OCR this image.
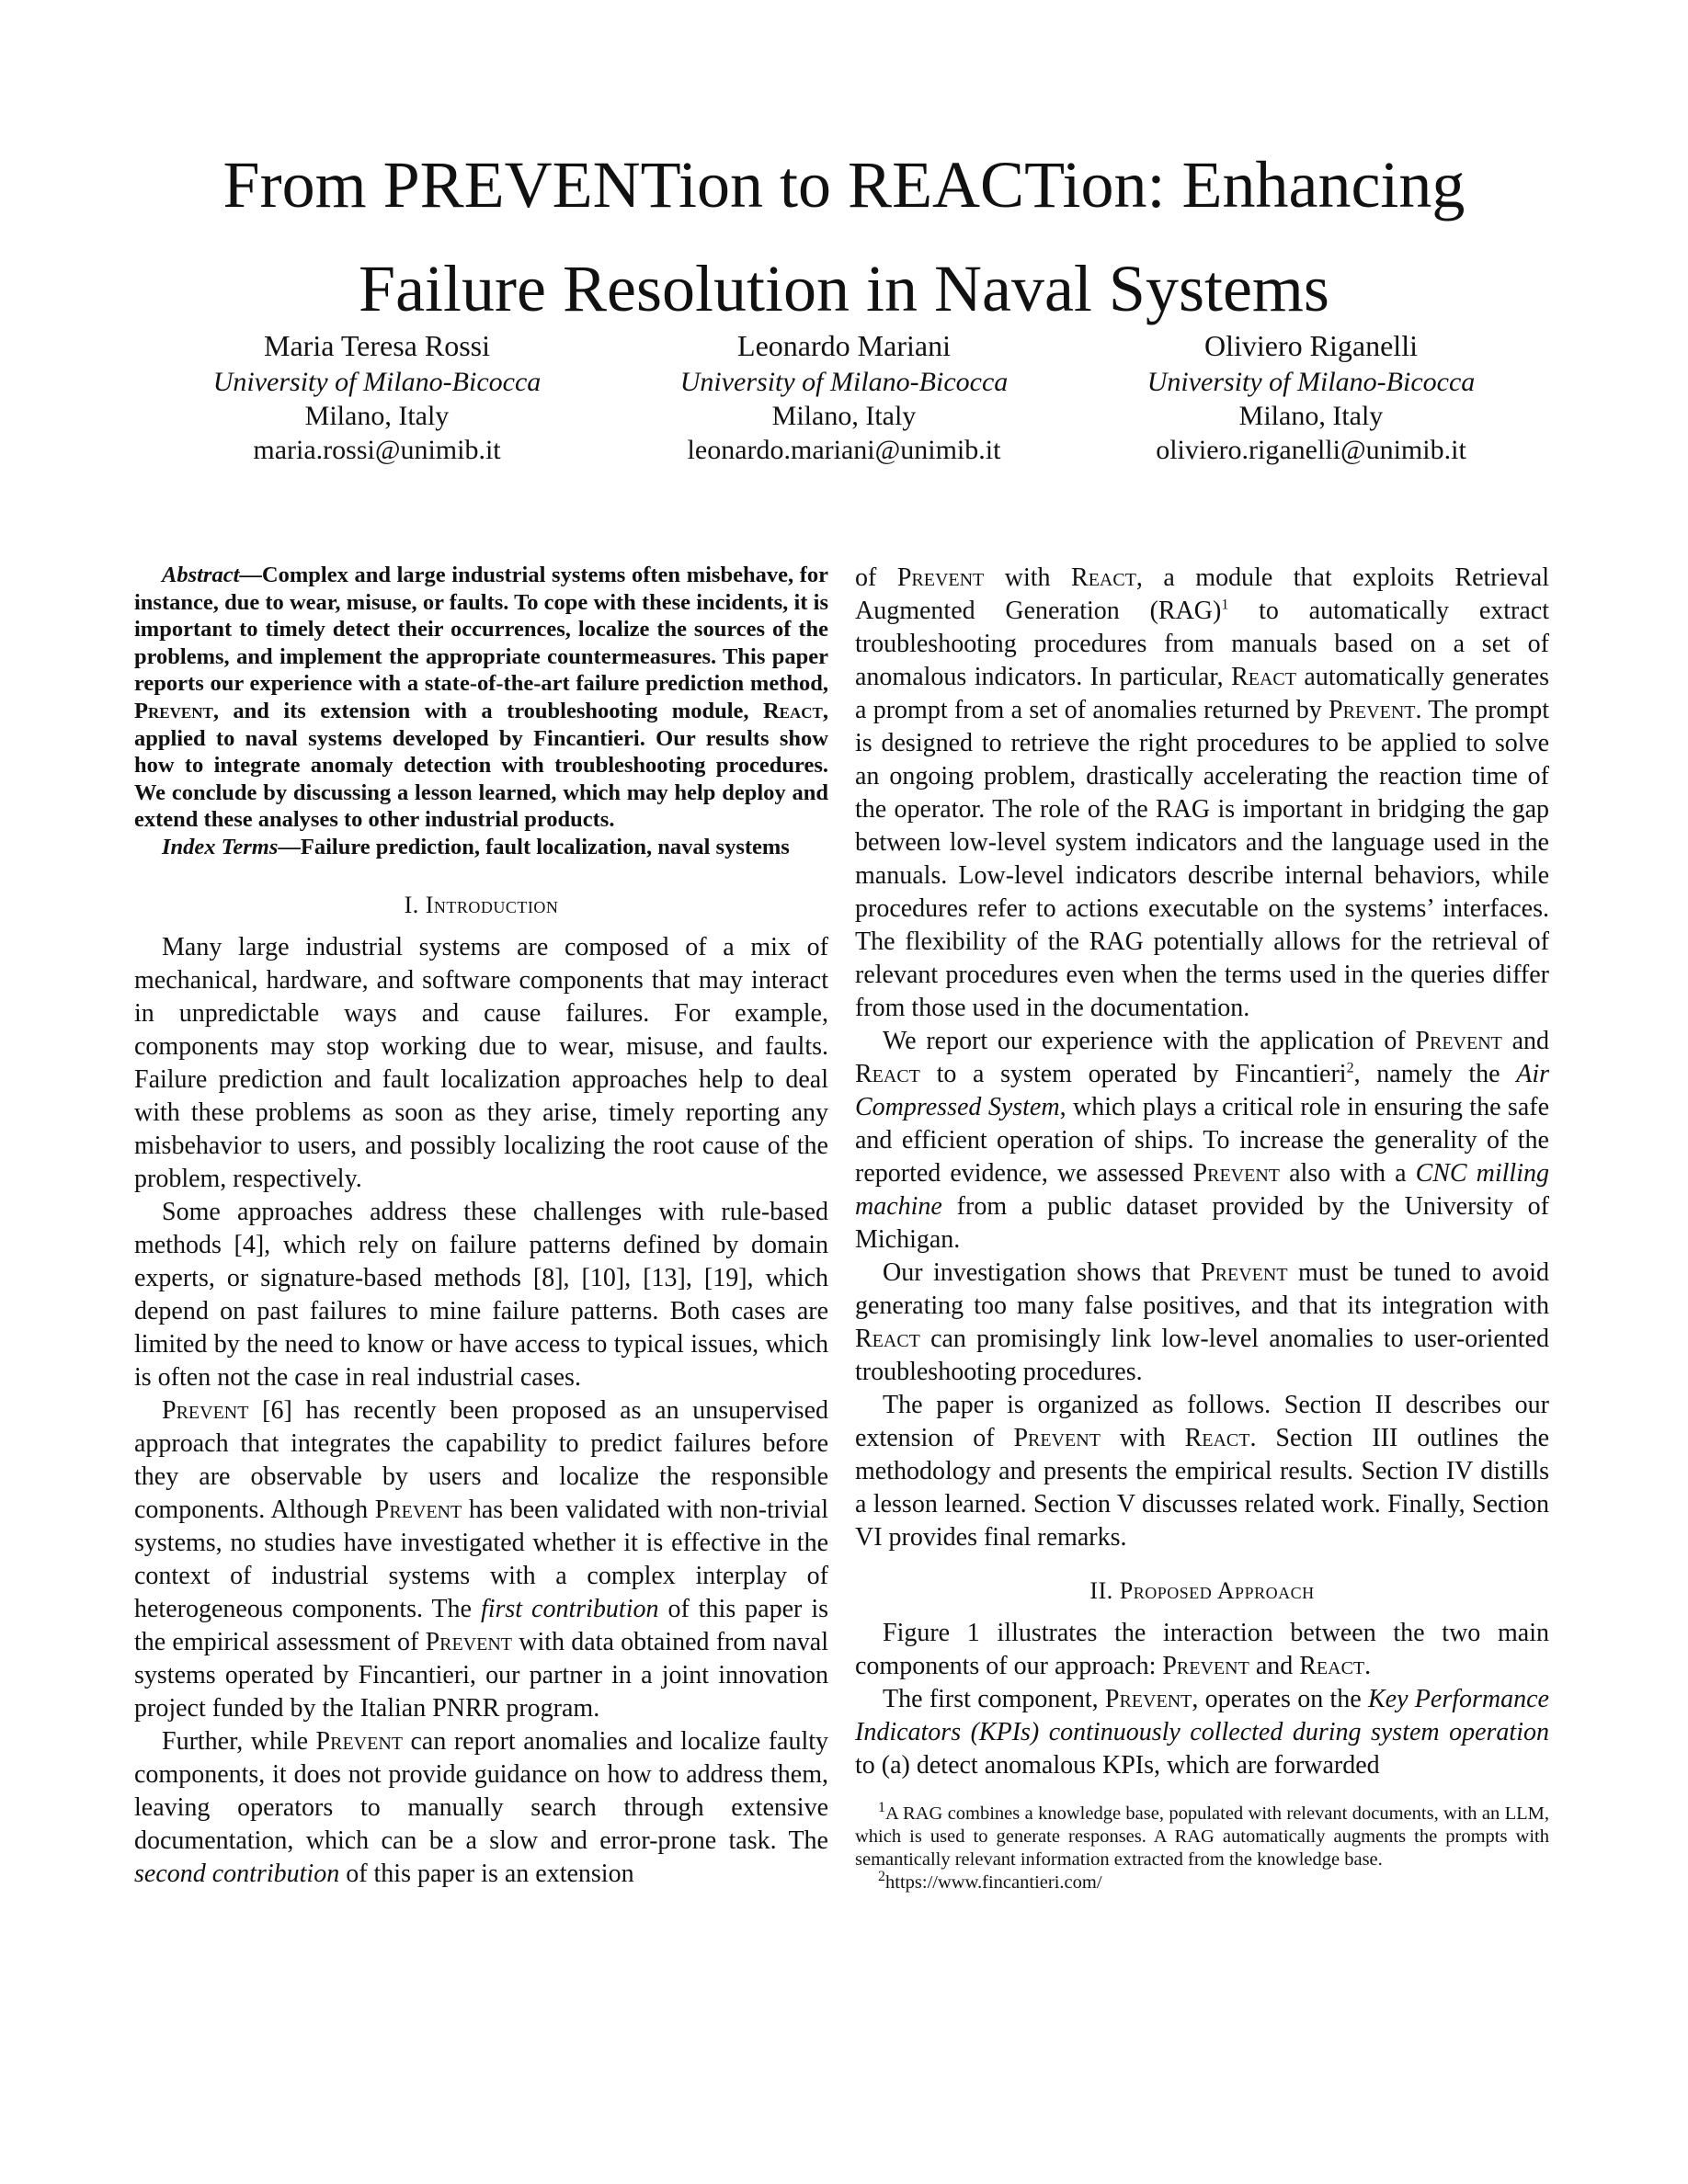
From PREVENTion to REACTion: Enhancing
Failure Resolution in Naval Systems
Maria Teresa Rossi
University of Milano-Bicocca
Milano, Italy
maria.rossi@unimib.it
Leonardo Mariani
University of Milano-Bicocca
Milano, Italy
leonardo.mariani@unimib.it
Oliviero Riganelli
University of Milano-Bicocca
Milano, Italy
oliviero.riganelli@unimib.it

Abstract—Complex and large industrial systems often misbehave, for instance, due to wear, misuse, or faults. To cope with these incidents, it is important to timely detect their occurrences, localize the sources of the problems, and implement the appropriate countermeasures. This paper reports our experience with a state-of-the-art failure prediction method, Prevent, and its extension with a troubleshooting module, React, applied to naval systems developed by Fincantieri. Our results show how to integrate anomaly detection with troubleshooting procedures. We conclude by discussing a lesson learned, which may help deploy and extend these analyses to other industrial products.

Index Terms—Failure prediction, fault localization, naval systems

I. Introduction

Many large industrial systems are composed of a mix of mechanical, hardware, and software components that may interact in unpredictable ways and cause failures. For example, components may stop working due to wear, misuse, and faults. Failure prediction and fault localization approaches help to deal with these problems as soon as they arise, timely reporting any misbehavior to users, and possibly localizing the root cause of the problem, respectively.

Some approaches address these challenges with rule-based methods [4], which rely on failure patterns defined by domain experts, or signature-based methods [8], [10], [13], [19], which depend on past failures to mine failure patterns. Both cases are limited by the need to know or have access to typical issues, which is often not the case in real industrial cases.

Prevent [6] has recently been proposed as an unsupervised approach that integrates the capability to predict failures before they are observable by users and localize the responsible components. Although Prevent has been validated with non-trivial systems, no studies have investigated whether it is effective in the context of industrial systems with a complex interplay of heterogeneous components. The first contribution of this paper is the empirical assessment of Prevent with data obtained from naval systems operated by Fincantieri, our partner in a joint innovation project funded by the Italian PNRR program.

Further, while Prevent can report anomalies and localize faulty components, it does not provide guidance on how to address them, leaving operators to manually search through extensive documentation, which can be a slow and error-prone task. The second contribution of this paper is an extension

of Prevent with React, a module that exploits Retrieval Augmented Generation (RAG)$^1$ to automatically extract troubleshooting procedures from manuals based on a set of anomalous indicators. In particular, React automatically generates a prompt from a set of anomalies returned by Prevent. The prompt is designed to retrieve the right procedures to be applied to solve an ongoing problem, drastically accelerating the reaction time of the operator. The role of the RAG is important in bridging the gap between low-level system indicators and the language used in the manuals. Low-level indicators describe internal behaviors, while procedures refer to actions executable on the systems’ interfaces. The flexibility of the RAG potentially allows for the retrieval of relevant procedures even when the terms used in the queries differ from those used in the documentation.

We report our experience with the application of Prevent and React to a system operated by Fincantieri$^2$, namely the Air Compressed System, which plays a critical role in ensuring the safe and efficient operation of ships. To increase the generality of the reported evidence, we assessed Prevent also with a CNC milling machine from a public dataset provided by the University of Michigan.

Our investigation shows that Prevent must be tuned to avoid generating too many false positives, and that its integration with React can promisingly link low-level anomalies to user-oriented troubleshooting procedures.

The paper is organized as follows. Section II describes our extension of Prevent with React. Section III outlines the methodology and presents the empirical results. Section IV distills a lesson learned. Section V discusses related work. Finally, Section VI provides final remarks.

II. Proposed Approach

Figure 1 illustrates the interaction between the two main components of our approach: Prevent and React.

The first component, Prevent, operates on the Key Performance Indicators (KPIs) continuously collected during system operation to (a) detect anomalous KPIs, which are forwarded

$^1$A RAG combines a knowledge base, populated with relevant documents, with an LLM, which is used to generate responses. A RAG automatically augments the prompts with semantically relevant information extracted from the knowledge base.

$^2$https://www.fincantieri.com/
